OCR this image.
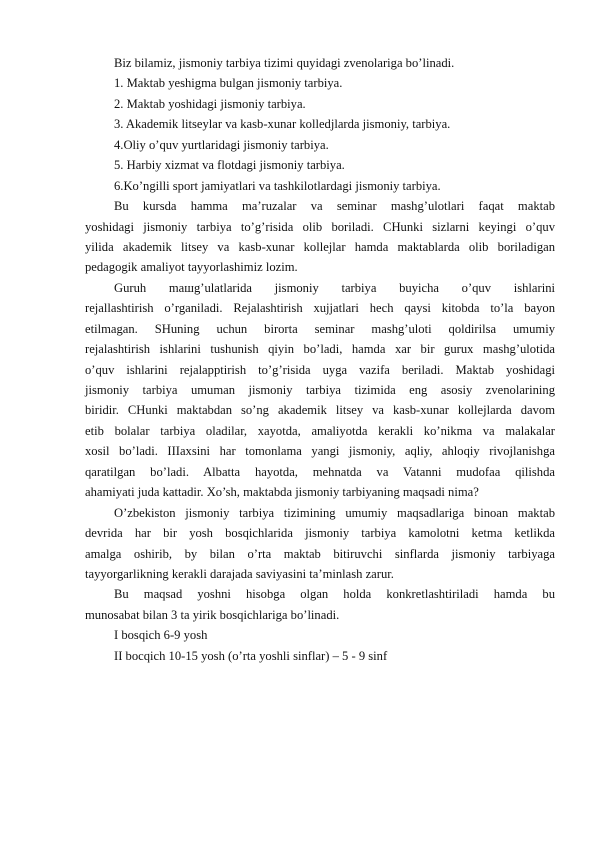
Biz bilamiz, jismoniy tarbiya tizimi quyidagi zvenolariga bo’linadi.
1. Maktab yeshigma bulgan jismoniy tarbiya.
2. Maktab yoshidagi jismoniy tarbiya.
3. Akademik litseylar va kasb-xunar kolledjlarda jismoniy, tarbiya.
4.Oliy o’quv yurtlaridagi jismoniy tarbiya.
5. Harbiy xizmat va flotdagi jismoniy tarbiya.
6.Ko’ngilli sport jamiyatlari va tashkilotlardagi jismoniy tarbiya.
Bu kursda hamma ma’ruzalar va seminar mashg’ulotlari faqat maktab
yoshidagi jismoniy tarbiya to’g’risida olib boriladi. CHunki sizlarni keyingi o’quv
yilida akademik litsey va kasb-xunar kollejlar hamda maktablarda olib boriladigan
pedagogik amaliyot tayyorlashimiz lozim.
Guruh maшg’ulatlarida jismoniy tarbiya buyicha o’quv ishlarini
rejallashtirish o’rganiladi. Rejalashtirish xujjatlari hech qaysi kitobda to’la bayon
etilmagan. SHuning uchun birorta seminar mashg’uloti qoldirilsa umumiy
rejalashtirish ishlarini tushunish qiyin bo’ladi, hamda xar bir gurux mashg’ulotida
o’quv ishlarini rejalapptirish to’g’risida uyga vazifa beriladi. Maktab yoshidagi
jismoniy tarbiya umuman jismoniy tarbiya tizimida eng asosiy zvenolarining
biridir. CHunki maktabdan so’ng akademik litsey va kasb-xunar kollejlarda davom
etib bolalar tarbiya oladilar, xayotda, amaliyotda kerakli ko’nikma va malakalar
xosil bo’ladi. IIIaxsini har tomonlama yangi jismoniy, aqliy, ahloqiy rivojlanishga
qaratilgan bo’ladi. Albatta hayotda, mehnatda va Vatanni mudofaa qilishda
ahamiyati juda kattadir. Xo’sh, maktabda jismoniy tarbiyaning maqsadi nima?
O’zbekiston jismoniy tarbiya tizimining umumiy maqsadlariga binoan maktab
devrida har bir yosh bosqichlarida jismoniy tarbiya kamolotni ketma ketlikda
amalga oshirib, by bilan o’rta maktab bitiruvchi sinflarda jismoniy tarbiyaga
tayyorgarlikning kerakli darajada saviyasini ta’minlash zarur.
Bu maqsad yoshni hisobga olgan holda konkretlashtiriladi hamda bu
munosabat bilan 3 ta yirik bosqichlariga bo’linadi.
I bosqich 6-9 yosh
II bocqich 10-15 yosh (o’rta yoshli sinflar) – 5 - 9 sinf
